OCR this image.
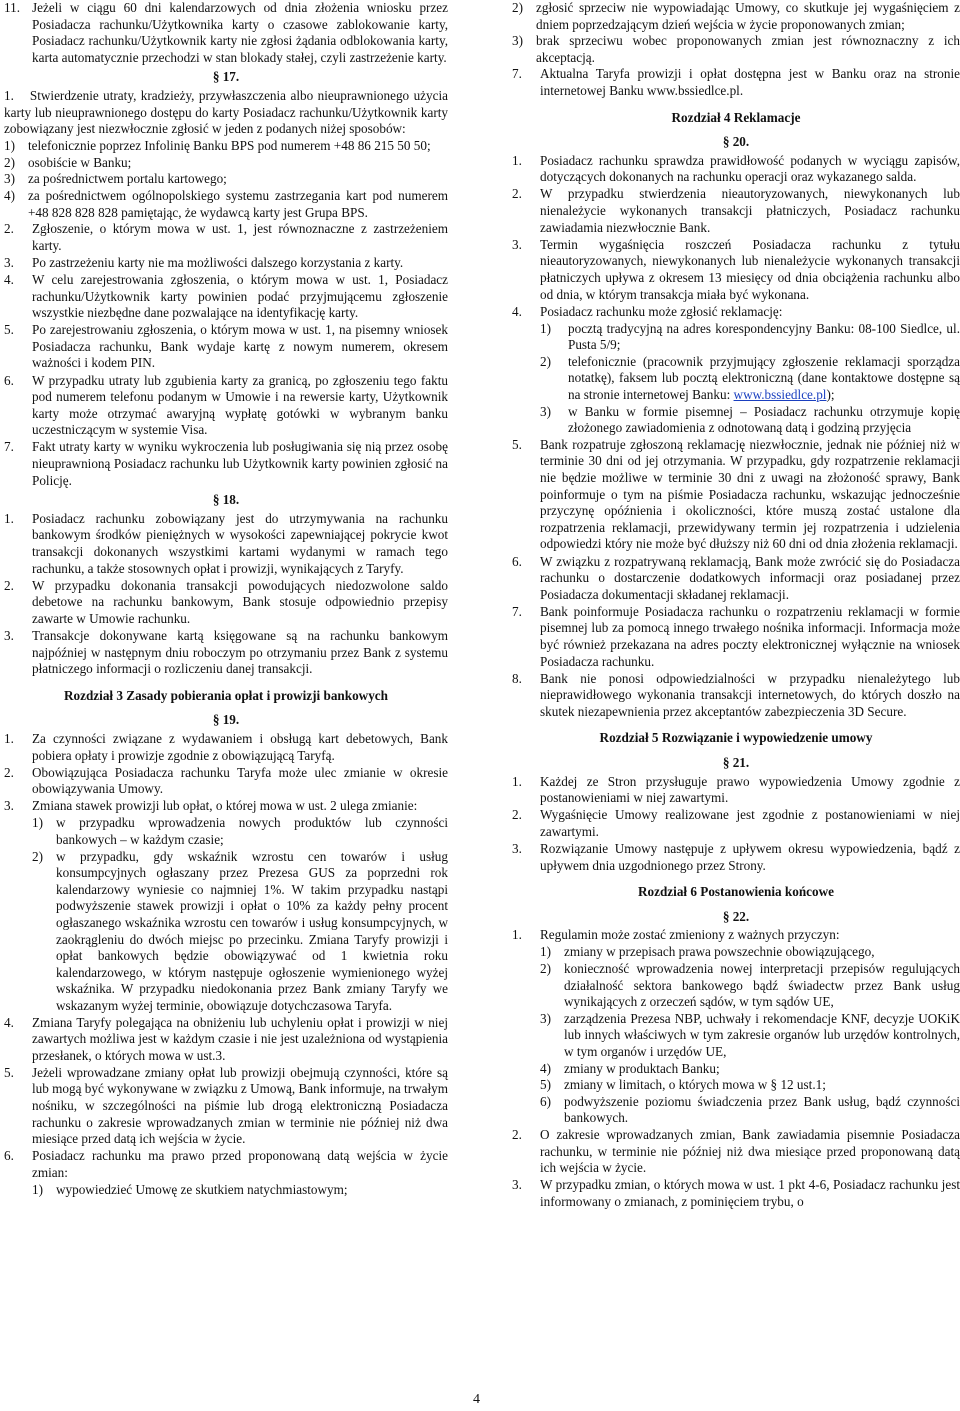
11. Jeżeli w ciągu 60 dni kalendarzowych od dnia złożenia wniosku przez Posiadacza rachunku/Użytkownika karty o czasowe zablokowanie karty, Posiadacz rachunku/Użytkownik karty nie zgłosi żądania odblokowania karty, karta automatycznie przechodzi w stan blokady stałej, czyli zastrzeżenie karty.
§ 17.
1. Stwierdzenie utraty, kradzieży, przywłaszczenia albo nieuprawnionego użycia karty lub nieuprawnionego dostępu do karty Posiadacz rachunku/Użytkownik karty zobowiązany jest niezwłocznie zgłosić w jeden z podanych niżej sposobów:
1) telefonicznie poprzez Infolinię Banku BPS pod numerem +48 86 215 50 50;
2) osobiście w Banku;
3) za pośrednictwem portalu kartowego;
4) za pośrednictwem ogólnopolskiego systemu zastrzegania kart pod numerem +48 828 828 828 pamiętając, że wydawcą karty jest Grupa BPS.
2. Zgłoszenie, o którym mowa w ust. 1, jest równoznaczne z zastrzeżeniem karty.
3. Po zastrzeżeniu karty nie ma możliwości dalszego korzystania z karty.
4. W celu zarejestrowania zgłoszenia, o którym mowa w ust. 1, Posiadacz rachunku/Użytkownik karty powinien podać przyjmującemu zgłoszenie wszystkie niezbędne dane pozwalające na identyfikację karty.
5. Po zarejestrowaniu zgłoszenia, o którym mowa w ust. 1, na pisemny wniosek Posiadacza rachunku, Bank wydaje kartę z nowym numerem, okresem ważności i kodem PIN.
6. W przypadku utraty lub zgubienia karty za granicą, po zgłoszeniu tego faktu pod numerem telefonu podanym w Umowie i na rewersie karty, Użytkownik karty może otrzymać awaryjną wypłatę gotówki w wybranym banku uczestniczącym w systemie Visa.
7. Fakt utraty karty w wyniku wykroczenia lub posługiwania się nią przez osobę nieuprawnioną Posiadacz rachunku lub Użytkownik karty powinien zgłosić na Policję.
§ 18.
1. Posiadacz rachunku zobowiązany jest do utrzymywania na rachunku bankowym środków pieniężnych w wysokości zapewniającej pokrycie kwot transakcji dokonanych wszystkimi kartami wydanymi w ramach tego rachunku, a także stosownych opłat i prowizji, wynikających z Taryfy.
2. W przypadku dokonania transakcji powodujących niedozwolone saldo debetowe na rachunku bankowym, Bank stosuje odpowiednio przepisy zawarte w Umowie rachunku.
3. Transakcje dokonywane kartą księgowane są na rachunku bankowym najpóźniej w następnym dniu roboczym po otrzymaniu przez Bank z systemu płatniczego informacji o rozliczeniu danej transakcji.
Rozdział 3 Zasady pobierania opłat i prowizji bankowych
§ 19.
1. Za czynności związane z wydawaniem i obsługą kart debetowych, Bank pobiera opłaty i prowizje zgodnie z obowiązującą Taryfą.
2. Obowiązująca Posiadacza rachunku Taryfa może ulec zmianie w okresie obowiązywania Umowy.
3. Zmiana stawek prowizji lub opłat, o której mowa w ust. 2 ulega zmianie:
1) w przypadku wprowadzenia nowych produktów lub czynności bankowych – w każdym czasie;
2) w przypadku, gdy wskaźnik wzrostu cen towarów i usług konsumpcyjnych ogłaszany przez Prezesa GUS za poprzedni rok kalendarzowy wyniesie co najmniej 1%. W takim przypadku nastąpi podwyższenie stawek prowizji i opłat o 10% za każdy pełny procent ogłaszanego wskaźnika wzrostu cen towarów i usług konsumpcyjnych, w zaokrągleniu do dwóch miejsc po przecinku. Zmiana Taryfy prowizji i opłat bankowych będzie obowiązywać od 1 kwietnia roku kalendarzowego, w którym następuje ogłoszenie wymienionego wyżej wskaźnika. W przypadku niedokonania przez Bank zmiany Taryfy we wskazanym wyżej terminie, obowiązuje dotychczasowa Taryfa.
4. Zmiana Taryfy polegająca na obniżeniu lub uchyleniu opłat i prowizji w niej zawartych możliwa jest w każdym czasie i nie jest uzależniona od wystąpienia przesłanek, o których mowa w ust.3.
5. Jeżeli wprowadzane zmiany opłat lub prowizji obejmują czynności, które są lub mogą być wykonywane w związku z Umową, Bank informuje, na trwałym nośniku, w szczególności na piśmie lub drogą elektroniczną Posiadacza rachunku o zakresie wprowadzanych zmian w terminie nie później niż dwa miesiące przed datą ich wejścia w życie.
6. Posiadacz rachunku ma prawo przed proponowaną datą wejścia w życie zmian:
1) wypowiedzieć Umowę ze skutkiem natychmiastowym;
2) zgłosić sprzeciw nie wypowiadając Umowy, co skutkuje jej wygaśnięciem z dniem poprzedzającym dzień wejścia w życie proponowanych zmian;
3) brak sprzeciwu wobec proponowanych zmian jest równoznaczny z ich akceptacją.
7. Aktualna Taryfa prowizji i opłat dostępna jest w Banku oraz na stronie internetowej Banku www.bssiedlce.pl.
Rozdział 4 Reklamacje
§ 20.
1. Posiadacz rachunku sprawdza prawidłowość podanych w wyciągu zapisów, dotyczących dokonanych na rachunku operacji oraz wykazanego salda.
2. W przypadku stwierdzenia nieautoryzowanych, niewykonanych lub nienależycie wykonanych transakcji płatniczych, Posiadacz rachunku zawiadamia niezwłocznie Bank.
3. Termin wygaśnięcia roszczeń Posiadacza rachunku z tytułu nieautoryzowanych, niewykonanych lub nienależycie wykonanych transakcji płatniczych upływa z okresem 13 miesięcy od dnia obciążenia rachunku albo od dnia, w którym transakcja miała być wykonana.
4. Posiadacz rachunku może zgłosić reklamację:
1) pocztą tradycyjną na adres korespondencyjny Banku: 08-100 Siedlce, ul. Pusta 5/9;
2) telefonicznie (pracownik przyjmujący zgłoszenie reklamacji sporządza notatkę), faksem lub pocztą elektroniczną (dane kontaktowe dostępne są na stronie internetowej Banku: www.bssiedlce.pl);
3) w Banku w formie pisemnej – Posiadacz rachunku otrzymuje kopię złożonego zawiadomienia z odnotowaną datą i godziną przyjęcia
5. Bank rozpatruje zgłoszoną reklamację niezwłocznie, jednak nie później niż w terminie 30 dni od jej otrzymania. W przypadku, gdy rozpatrzenie reklamacji nie będzie możliwe w terminie 30 dni z uwagi na złożoność sprawy, Bank poinformuje o tym na piśmie Posiadacza rachunku, wskazując jednocześnie przyczynę opóźnienia i okoliczności, które muszą zostać ustalone dla rozpatrzenia reklamacji, przewidywany termin jej rozpatrzenia i udzielenia odpowiedzi który nie może być dłuższy niż 60 dni od dnia złożenia reklamacji.
6. W związku z rozpatrywaną reklamacją, Bank może zwrócić się do Posiadacza rachunku o dostarczenie dodatkowych informacji oraz posiadanej przez Posiadacza dokumentacji składanej reklamacji.
7. Bank poinformuje Posiadacza rachunku o rozpatrzeniu reklamacji w formie pisemnej lub za pomocą innego trwałego nośnika informacji. Informacja może być również przekazana na adres poczty elektronicznej wyłącznie na wniosek Posiadacza rachunku.
8. Bank nie ponosi odpowiedzialności w przypadku nienależytego lub nieprawidłowego wykonania transakcji internetowych, do których doszło na skutek niezapewnienia przez akceptantów zabezpieczenia 3D Secure.
Rozdział 5 Rozwiązanie i wypowiedzenie umowy
§ 21.
1. Każdej ze Stron przysługuje prawo wypowiedzenia Umowy zgodnie z postanowieniami w niej zawartymi.
2. Wygaśnięcie Umowy realizowane jest zgodnie z postanowieniami w niej zawartymi.
3. Rozwiązanie Umowy następuje z upływem okresu wypowiedzenia, bądź z upływem dnia uzgodnionego przez Strony.
Rozdział 6 Postanowienia końcowe
§ 22.
1. Regulamin może zostać zmieniony z ważnych przyczyn:
1) zmiany w przepisach prawa powszechnie obowiązującego,
2) konieczność wprowadzenia nowej interpretacji przepisów regulujących działalność sektora bankowego bądź świadectw przez Bank usług wynikających z orzeczeń sądów, w tym sądów UE,
3) zarządzenia Prezesa NBP, uchwały i rekomendacje KNF, decyzje UOKiK lub innych właściwych w tym zakresie organów lub urzędów kontrolnych, w tym organów i urzędów UE,
4) zmiany w produktach Banku;
5) zmiany w limitach, o których mowa w § 12 ust.1;
6) podwyższenie poziomu świadczenia przez Bank usług, bądź czynności bankowych.
2. O zakresie wprowadzanych zmian, Bank zawiadamia pisemnie Posiadacza rachunku, w terminie nie później niż dwa miesiące przed proponowaną datą ich wejścia w życie.
3. W przypadku zmian, o których mowa w ust. 1 pkt 4-6, Posiadacz rachunku jest informowany o zmianach, z pominięciem trybu, o
4
